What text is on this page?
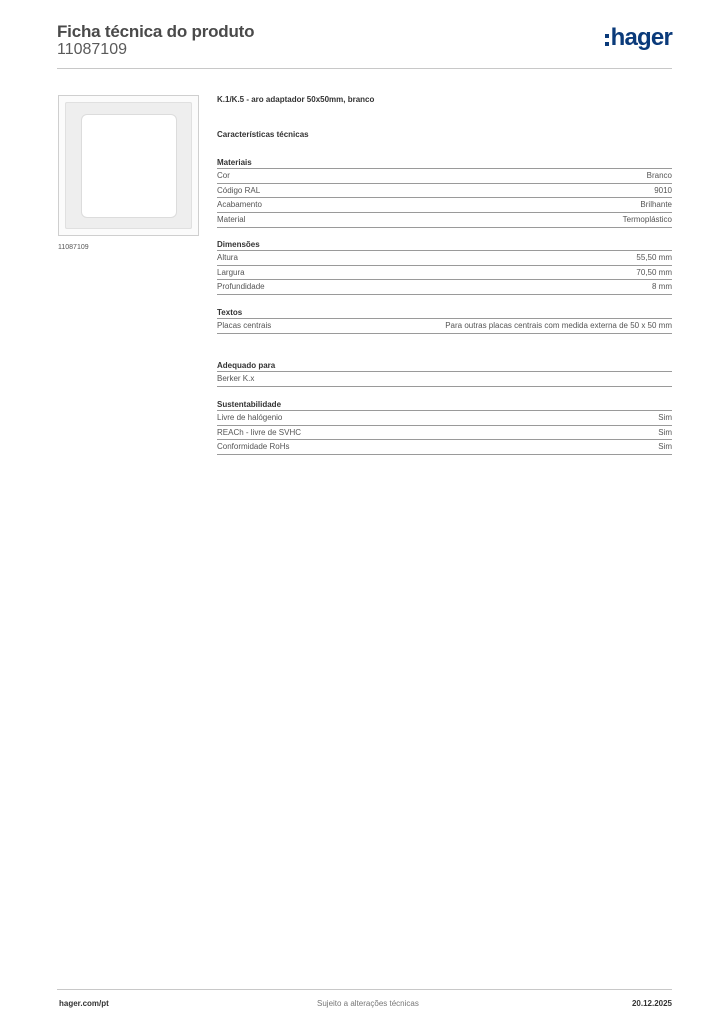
Ficha técnica do produto
11087109	hager
11087109
K.1/K.5 - aro adaptador 50x50mm, branco
Características técnicas
Materiais
Cor	Branco
Código RAL	9010
Acabamento	Brilhante
Material	Termoplástico
Dimensões
Altura	55,50 mm
Largura	70,50 mm
Profundidade	8 mm
Textos
Placas centrais	Para outras placas centrais com medida externa de 50 x 50 mm
Adequado para
Berker K.x
Sustentabilidade
Livre de halógenio	Sim
REACh - livre de SVHC	Sim
Conformidade RoHs	Sim
hager.com/pt	Sujeito a alterações técnicas	20.12.2025
